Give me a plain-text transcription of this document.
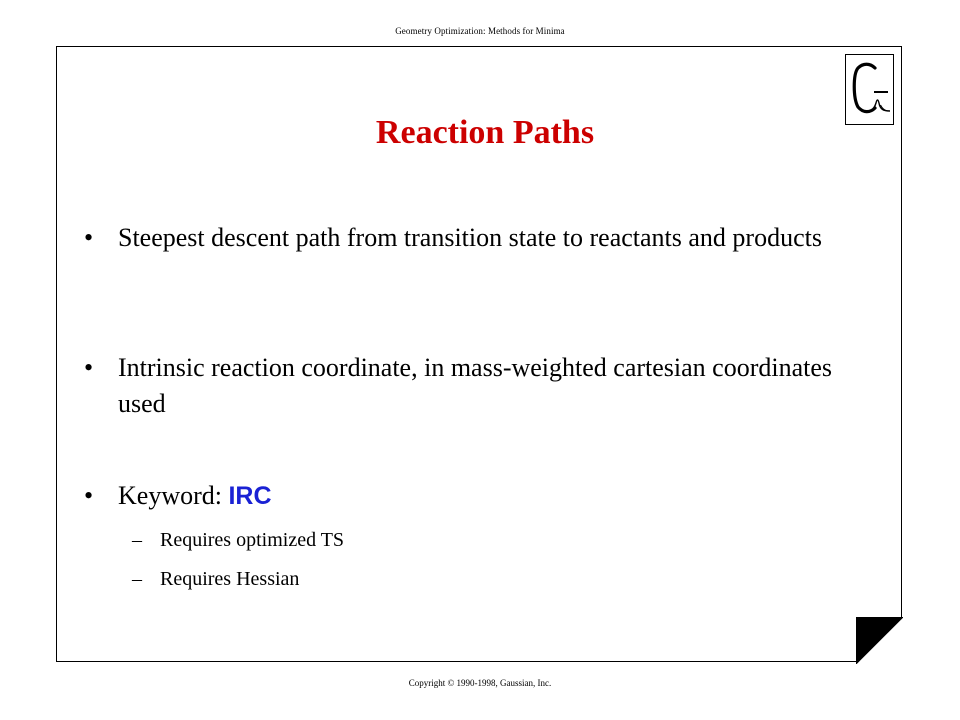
Geometry Optimization: Methods for Minima
Reaction Paths
• Steepest descent path from transition state to reactants and products
• Intrinsic reaction coordinate, in mass-weighted cartesian coordinates used
• Keyword: IRC
– Requires optimized TS
– Requires Hessian
Copyright © 1990-1998, Gaussian, Inc.
